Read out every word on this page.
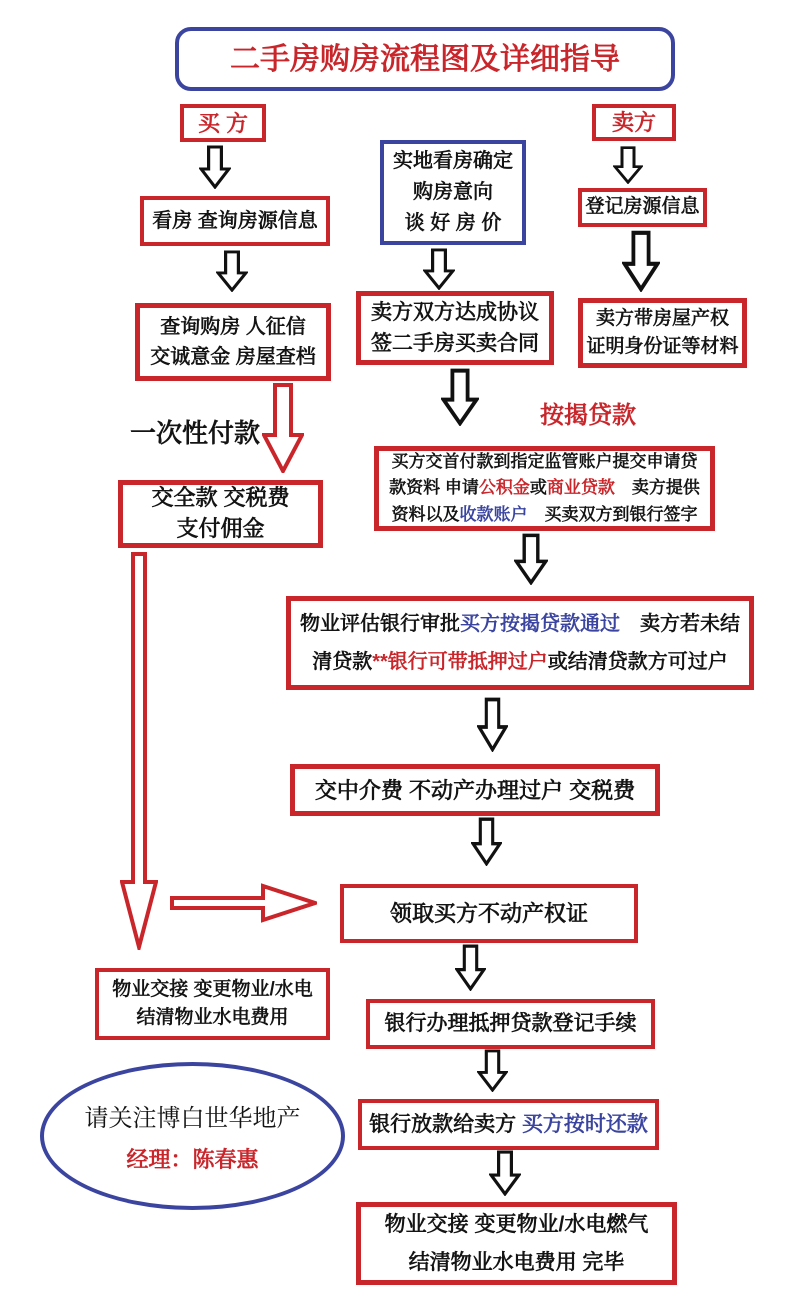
二手房购房流程图及详细指导
买 方
看房 查询房源信息
查询购房 人征信
交诚意金 房屋查档
一次性付款
交全款 交税费
支付佣金
物业交接 变更物业/水电
结清物业水电费用
请关注博白世华地产
经理：陈春惠
实地看房确定
购房意向
谈 好 房 价
卖方双方达成协议
签二手房买卖合同
按揭贷款
买方交首付款到指定监管账户提交申请贷
款资料 申请公积金或商业贷款　卖方提供
资料以及收款账户　买卖双方到银行签字
物业评估银行审批买方按揭贷款通过　卖方若未结
清贷款**银行可带抵押过户或结清贷款方可过户
交中介费 不动产办理过户 交税费
领取买方不动产权证
银行办理抵押贷款登记手续
银行放款给卖方 买方按时还款
物业交接 变更物业/水电燃气
结清物业水电费用 完毕
卖方
登记房源信息
卖方带房屋产权
证明身份证等材料
